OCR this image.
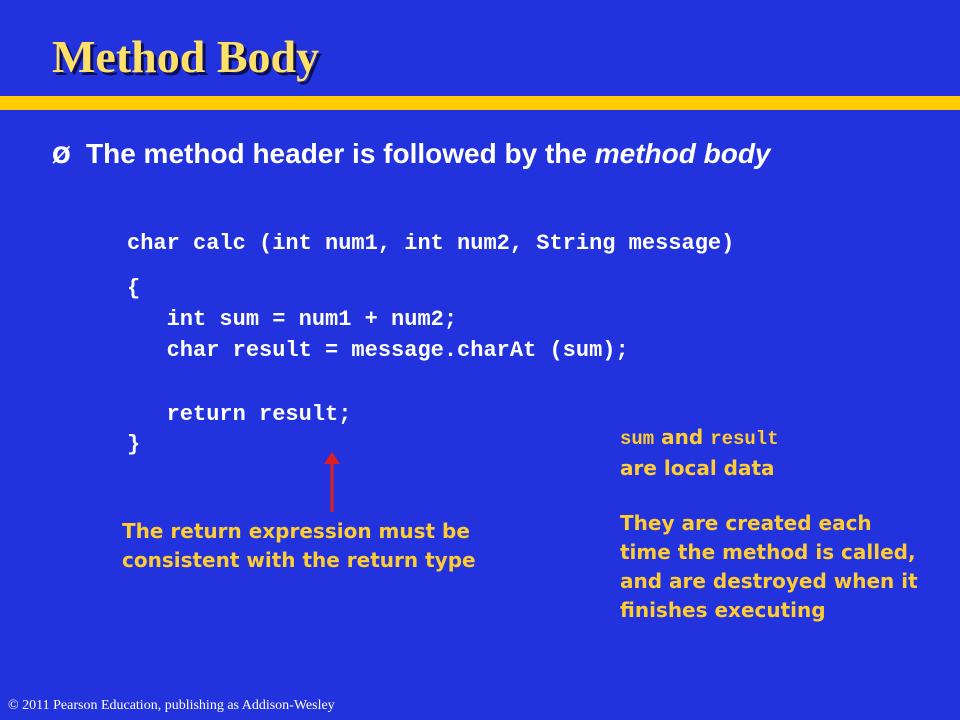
Method Body
Ø The method header is followed by the method body
char calc (int num1, int num2, String message)
{
int sum = num1 + num2;
char result = message.charAt (sum);
return result;
}	sum and result
are local data

They are created each time the method is called, and are destroyed when it finishes executing

The return expression must be consistent with the return type

© 2011 Pearson Education, publishing as Addison-Wesley
